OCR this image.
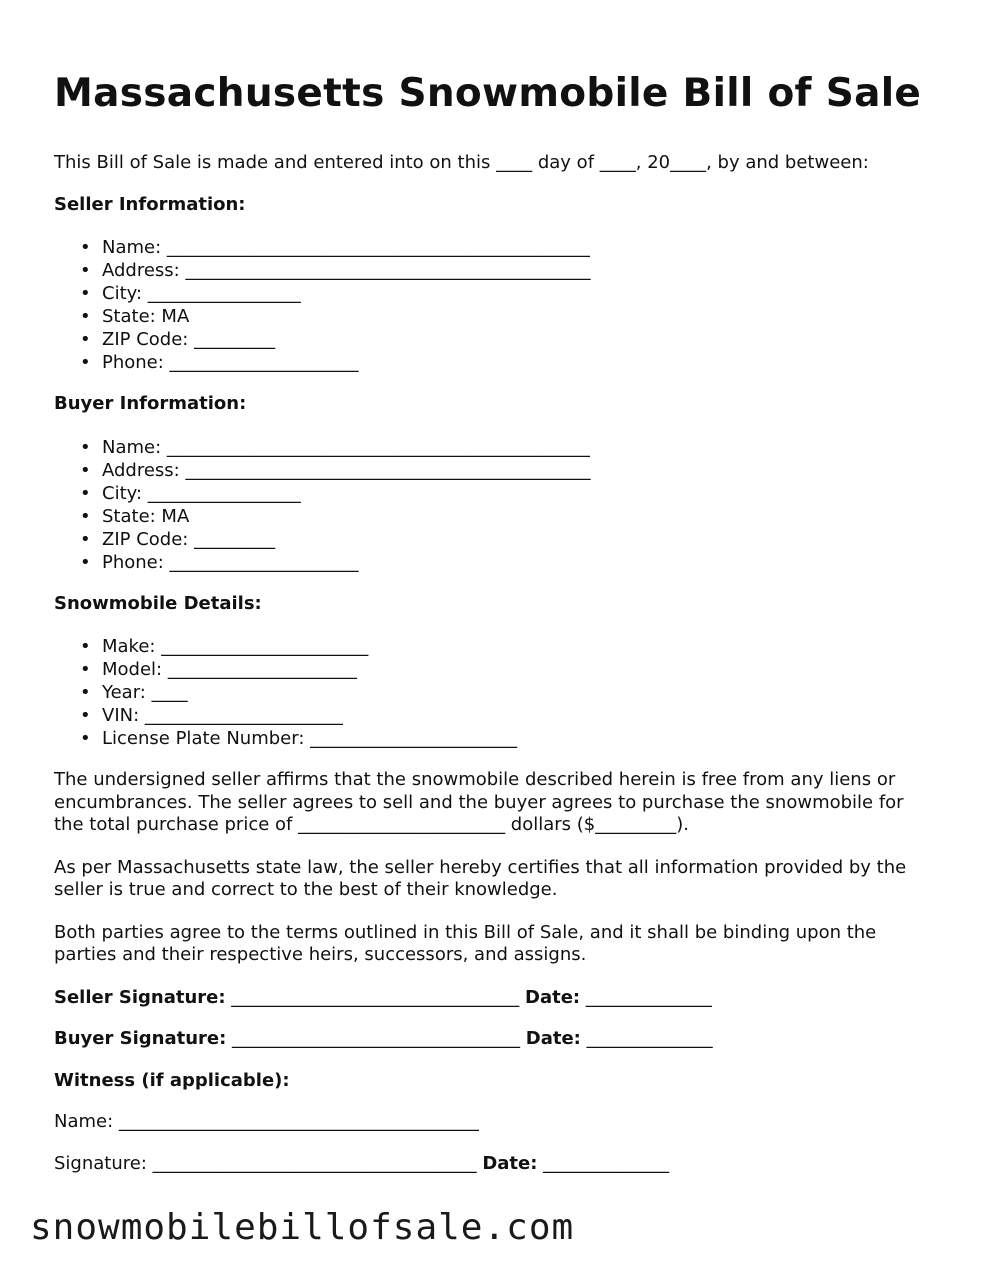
Massachusetts Snowmobile Bill of Sale

This Bill of Sale is made and entered into on this ____ day of ____, 20____, by and between:

Seller Information:

• Name: _______________________________________________
• Address: _____________________________________________
• City: _________________
• State: MA
• ZIP Code: _________
• Phone: _____________________

Buyer Information:

• Name: _______________________________________________
• Address: _____________________________________________
• City: _________________
• State: MA
• ZIP Code: _________
• Phone: _____________________

Snowmobile Details:

• Make: _______________________
• Model: _____________________
• Year: ____
• VIN: ______________________
• License Plate Number: _______________________

The undersigned seller affirms that the snowmobile described herein is free from any liens or encumbrances. The seller agrees to sell and the buyer agrees to purchase the snowmobile for the total purchase price of _______________________ dollars ($_________).

As per Massachusetts state law, the seller hereby certifies that all information provided by the seller is true and correct to the best of their knowledge.

Both parties agree to the terms outlined in this Bill of Sale, and it shall be binding upon the parties and their respective heirs, successors, and assigns.

Seller Signature: ________________________________ Date: ______________

Buyer Signature: ________________________________ Date: ______________

Witness (if applicable):

Name: ________________________________________

Signature: ____________________________________ Date: ______________

snowmobilebillofsale.com
